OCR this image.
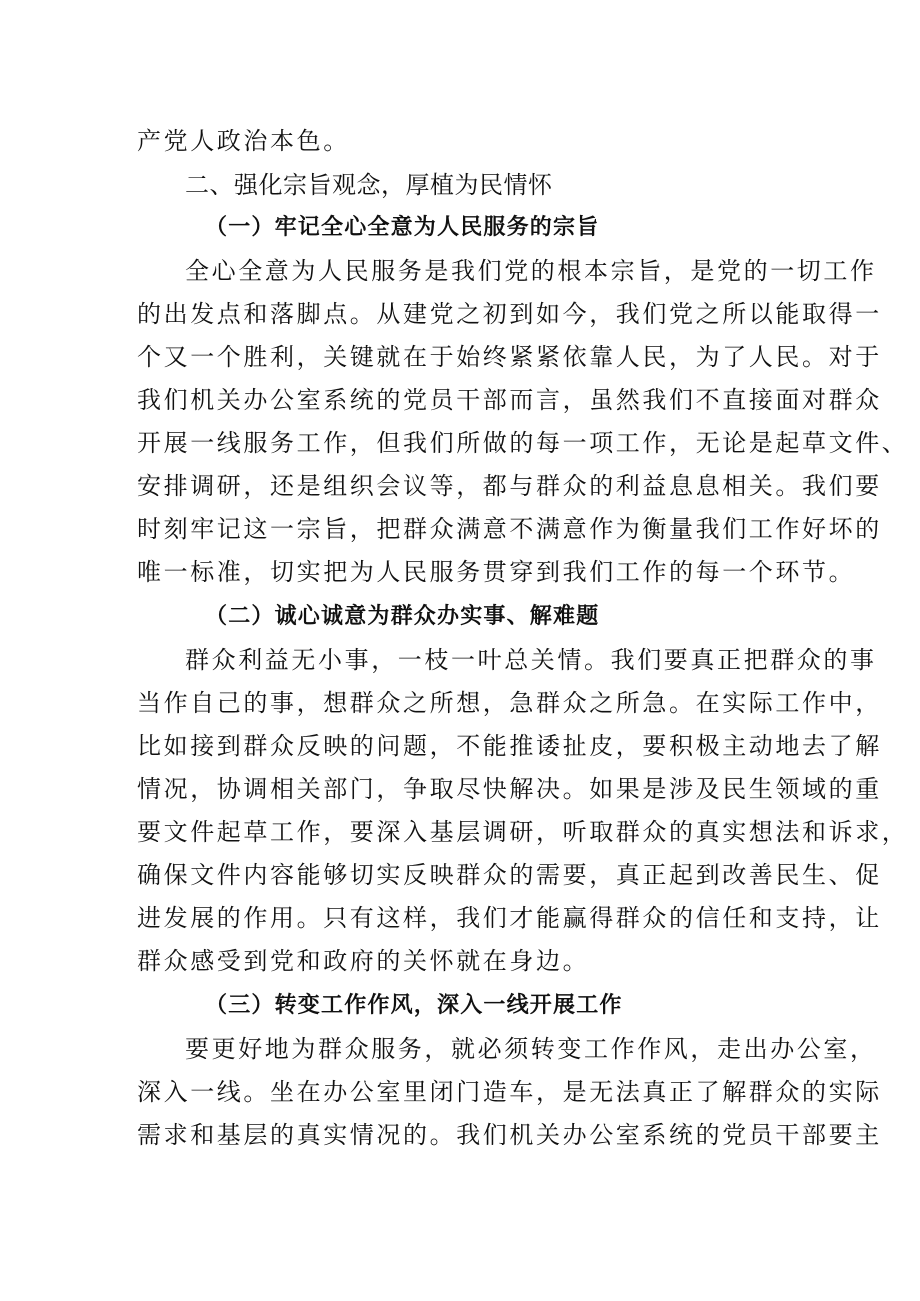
产党人政治本色。
二、强化宗旨观念，厚植为民情怀
（一）牢记全心全意为人民服务的宗旨
全心全意为人民服务是我们党的根本宗旨，是党的一切工作
的出发点和落脚点。从建党之初到如今，我们党之所以能取得一
个又一个胜利，关键就在于始终紧紧依靠人民，为了人民。对于
我们机关办公室系统的党员干部而言，虽然我们不直接面对群众
开展一线服务工作，但我们所做的每一项工作，无论是起草文件、
安排调研，还是组织会议等，都与群众的利益息息相关。我们要
时刻牢记这一宗旨，把群众满意不满意作为衡量我们工作好坏的
唯一标准，切实把为人民服务贯穿到我们工作的每一个环节。
（二）诚心诚意为群众办实事、解难题
群众利益无小事，一枝一叶总关情。我们要真正把群众的事
当作自己的事，想群众之所想，急群众之所急。在实际工作中，
比如接到群众反映的问题，不能推诿扯皮，要积极主动地去了解
情况，协调相关部门，争取尽快解决。如果是涉及民生领域的重
要文件起草工作，要深入基层调研，听取群众的真实想法和诉求，
确保文件内容能够切实反映群众的需要，真正起到改善民生、促
进发展的作用。只有这样，我们才能赢得群众的信任和支持，让
群众感受到党和政府的关怀就在身边。
（三）转变工作作风，深入一线开展工作
要更好地为群众服务，就必须转变工作作风，走出办公室，
深入一线。坐在办公室里闭门造车，是无法真正了解群众的实际
需求和基层的真实情况的。我们机关办公室系统的党员干部要主
